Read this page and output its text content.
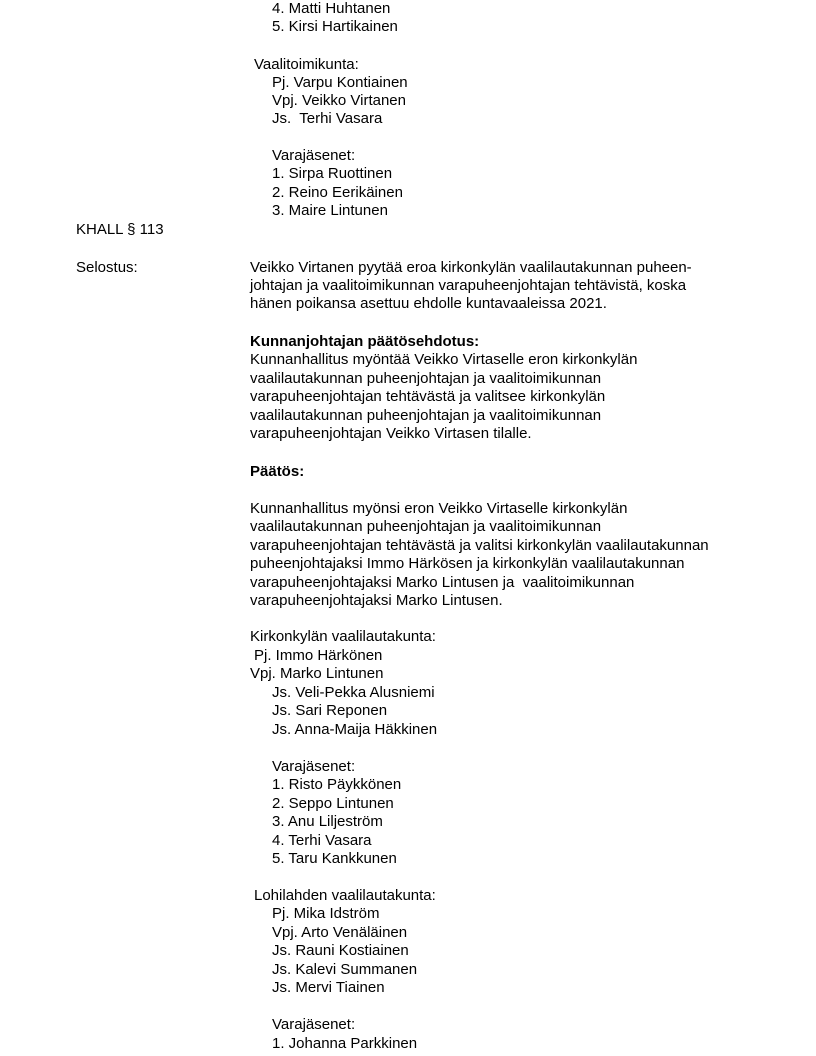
4. Matti Huhtanen
5. Kirsi Hartikainen
Vaalitoimikunta:
Pj. Varpu Kontiainen
Vpj. Veikko Virtanen
Js.  Terhi Vasara
Varajäsenet:
1. Sirpa Ruottinen
2. Reino Eerikäinen
3. Maire Lintunen
KHALL § 113
Selostus:	Veikko Virtanen pyytää eroa kirkonkylän vaalilautakunnan puheen-
johtajan ja vaalitoimikunnan varapuheenjohtajan tehtävistä, koska
hänen poikansa asettuu ehdolle kuntavaaleissa 2021.
Kunnanjohtajan päätösehdotus:
Kunnanhallitus myöntää Veikko Virtaselle eron kirkonkylän
vaalilautakunnan puheenjohtajan ja vaalitoimikunnan
varapuheenjohtajan tehtävästä ja valitsee kirkonkylän
vaalilautakunnan puheenjohtajan ja vaalitoimikunnan
varapuheenjohtajan Veikko Virtasen tilalle.
Päätös:
Kunnanhallitus myönsi eron Veikko Virtaselle kirkonkylän
vaalilautakunnan puheenjohtajan ja vaalitoimikunnan
varapuheenjohtajan tehtävästä ja valitsi kirkonkylän vaalilautakunnan
puheenjohtajaksi Immo Härkösen ja kirkonkylän vaalilautakunnan
varapuheenjohtajaksi Marko Lintusen ja  vaalitoimikunnan
varapuheenjohtajaksi Marko Lintusen.
Kirkonkylän vaalilautakunta:
Pj. Immo Härkönen
Vpj. Marko Lintunen
Js. Veli-Pekka Alusniemi
Js. Sari Reponen
Js. Anna-Maija Häkkinen
Varajäsenet:
1. Risto Päykkönen
2. Seppo Lintunen
3. Anu Liljeström
4. Terhi Vasara
5. Taru Kankkunen
Lohilahden vaalilautakunta:
Pj. Mika Idström
Vpj. Arto Venäläinen
Js. Rauni Kostiainen
Js. Kalevi Summanen
Js. Mervi Tiainen
Varajäsenet:
1. Johanna Parkkinen
